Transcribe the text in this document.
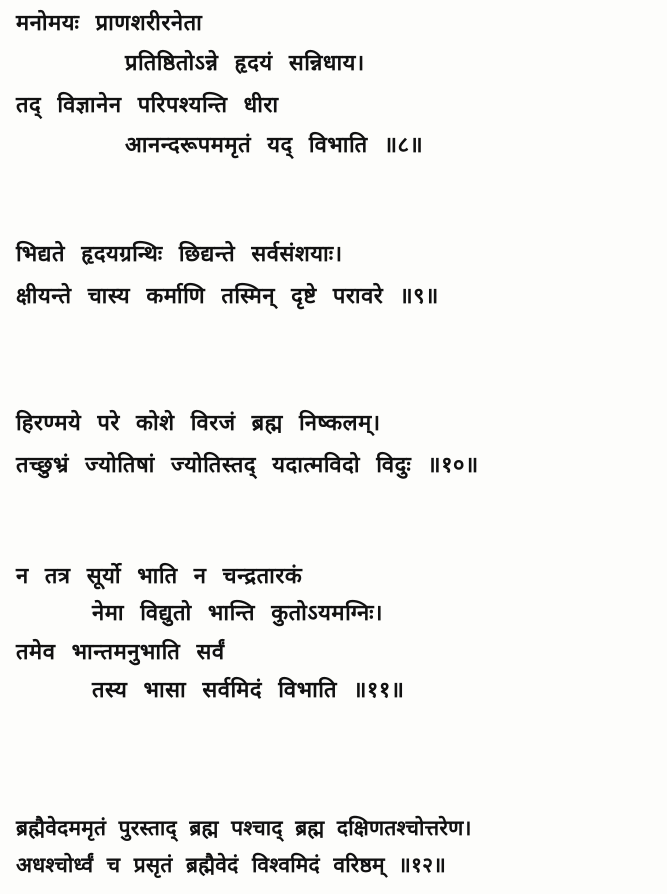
मनोमयः प्राणशरीरनेता
प्रतिष्ठितोऽन्ने हृदयं सन्निधाय।
तद् विज्ञानेन परिपश्यन्ति धीरा
आनन्दरूपममृतं यद् विभाति ॥८॥
भिद्यते हृदयग्रन्थिः छिद्यन्ते सर्वसंशयाः।
क्षीयन्ते चास्य कर्माणि तस्मिन् दृष्टे परावरे ॥९॥
हिरण्मये परे कोशे विरजं ब्रह्म निष्कलम्।
तच्छुभ्रं ज्योतिषां ज्योतिस्तद् यदात्मविदो विदुः ॥१०॥
न तत्र सूर्यो भाति न चन्द्रतारकं
नेमा विद्युतो भान्ति कुतोऽयमग्निः।
तमेव भान्तमनुभाति सर्वं
तस्य भासा सर्वमिदं विभाति ॥११॥
ब्रह्मैवेदममृतं पुरस्ताद् ब्रह्म पश्चाद् ब्रह्म दक्षिणतश्चोत्तरेण।
अधश्चोर्ध्वं च प्रसृतं ब्रह्मैवेदं विश्वमिदं वरिष्ठम् ॥१२॥
